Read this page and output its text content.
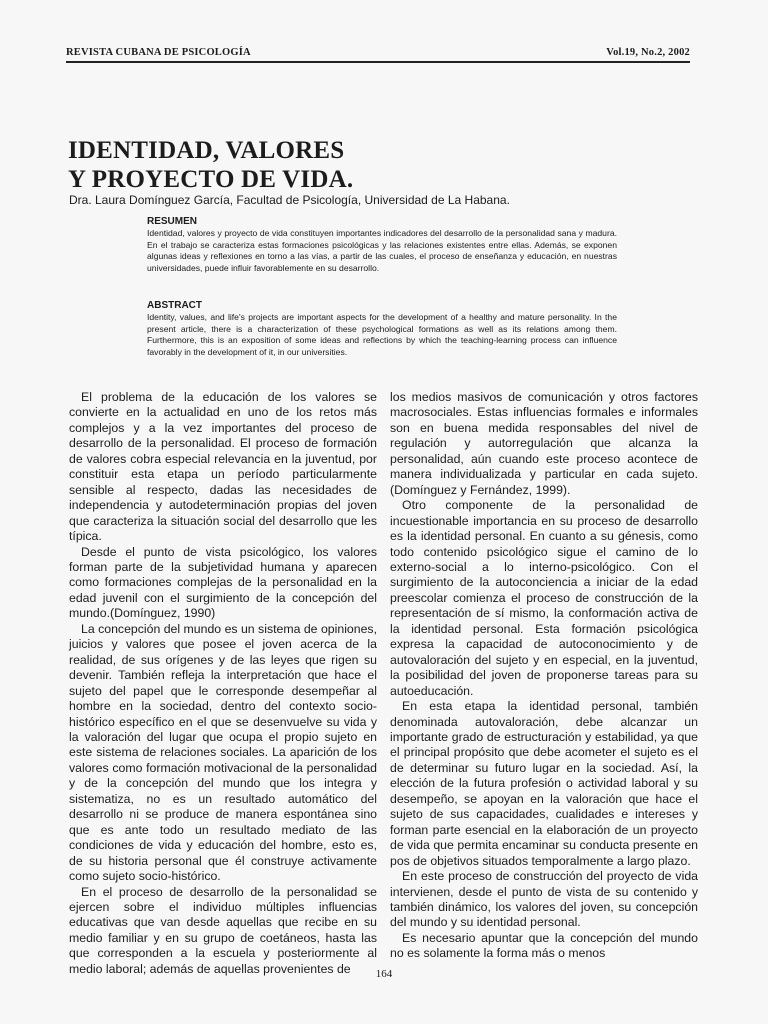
REVISTA CUBANA DE PSICOLOGÍA	Vol.19, No.2, 2002
IDENTIDAD, VALORES
Y PROYECTO DE VIDA.
Dra. Laura Domínguez García, Facultad de Psicología, Universidad de La Habana.
RESUMEN
Identidad, valores y proyecto de vida constituyen importantes indicadores del desarrollo de la personalidad sana y madura. En el trabajo se caracteriza estas formaciones psicológicas y las relaciones existentes entre ellas. Además, se exponen algunas ideas y reflexiones en torno a las vías, a partir de las cuales, el proceso de enseñanza y educación, en nuestras universidades, puede influir favorablemente en su desarrollo.
ABSTRACT
Identity, values, and life's projects are important aspects for the development of a healthy and mature personality. In the present article, there is a characterization of these psychological formations as well as its relations among them. Furthermore, this is an exposition of some ideas and reflections by which the teaching-learning process can influence favorably in the development of it, in our universities.

El problema de la educación de los valores se convierte en la actualidad en uno de los retos más complejos y a la vez importantes del proceso de desarrollo de la personalidad. El proceso de formación de valores cobra especial relevancia en la juventud, por constituir esta etapa un período particularmente sensible al respecto, dadas las necesidades de independencia y autodeterminación propias del joven que caracteriza la situación social del desarrollo que les típica.

Desde el punto de vista psicológico, los valores forman parte de la subjetividad humana y aparecen como formaciones complejas de la personalidad en la edad juvenil con el surgimiento de la concepción del mundo.(Domínguez, 1990)

La concepción del mundo es un sistema de opiniones, juicios y valores que posee el joven acerca de la realidad, de sus orígenes y de las leyes que rigen su devenir. También refleja la interpretación que hace el sujeto del papel que le corresponde desempeñar al hombre en la sociedad, dentro del contexto socio-histórico específico en el que se desenvuelve su vida y la valoración del lugar que ocupa el propio sujeto en este sistema de relaciones sociales. La aparición de los valores como formación motivacional de la personalidad y de la concepción del mundo que los integra y sistematiza, no es un resultado automático del desarrollo ni se produce de manera espontánea sino que es ante todo un resultado mediato de las condiciones de vida y educación del hombre, esto es, de su historia personal que él construye activamente como sujeto socio-histórico.

En el proceso de desarrollo de la personalidad se ejercen sobre el individuo múltiples influencias educativas que van desde aquellas que recibe en su medio familiar y en su grupo de coetáneos, hasta las que corresponden a la escuela y posteriormente al medio laboral; además de aquellas provenientes de

los medios masivos de comunicación y otros factores macrosociales. Estas influencias formales e informales son en buena medida responsables del nivel de regulación y autorregulación que alcanza la personalidad, aún cuando este proceso acontece de manera individualizada y particular en cada sujeto. (Domínguez y Fernández, 1999).

Otro componente de la personalidad de incuestionable importancia en su proceso de desarrollo es la identidad personal. En cuanto a su génesis, como todo contenido psicológico sigue el camino de lo externo-social a lo interno-psicológico. Con el surgimiento de la autoconciencia a iniciar de la edad preescolar comienza el proceso de construcción de la representación de sí mismo, la conformación activa de la identidad personal. Esta formación psicológica expresa la capacidad de autoconocimiento y de autovaloración del sujeto y en especial, en la juventud, la posibilidad del joven de proponerse tareas para su autoeducación.

En esta etapa la identidad personal, también denominada autovaloración, debe alcanzar un importante grado de estructuración y estabilidad, ya que el principal propósito que debe acometer el sujeto es el de determinar su futuro lugar en la sociedad. Así, la elección de la futura profesión o actividad laboral y su desempeño, se apoyan en la valoración que hace el sujeto de sus capacidades, cualidades e intereses y forman parte esencial en la elaboración de un proyecto de vida que permita encaminar su conducta presente en pos de objetivos situados temporalmente a largo plazo.

En este proceso de construcción del proyecto de vida intervienen, desde el punto de vista de su contenido y también dinámico, los valores del joven, su concepción del mundo y su identidad personal.

Es necesario apuntar que la concepción del mundo no es solamente la forma más o menos

164
